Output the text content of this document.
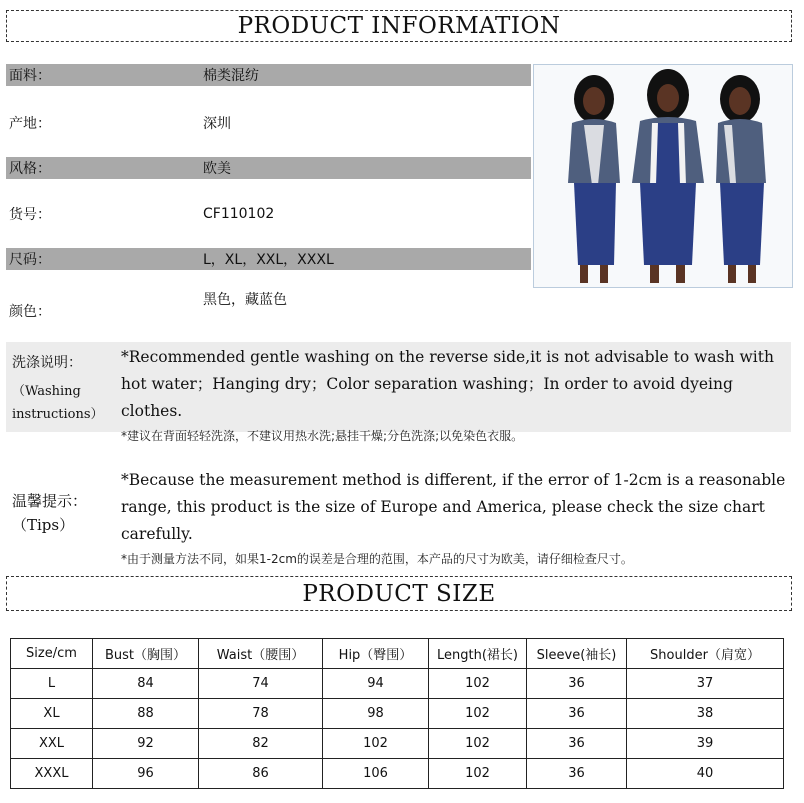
PRODUCT INFORMATION
面料：	棉类混纺
产地：	深圳
风格：	欧美
货号：	CF110102
尺码：	L，XL，XXL，XXXL
颜色：
黑色，藏蓝色
洗涤说明：
（Washing
instructions）
*Recommended gentle washing on the reverse side,it is not advisable to wash with hot water；Hanging dry；Color separation washing；In order to avoid dyeing clothes.
*建议在背面轻轻洗涤，不建议用热水洗;悬挂干燥;分色洗涤;以免染色衣服。
温馨提示：
（Tips）
*Because the measurement method is different, if the error of 1-2cm is a reasonable range, this product is the size of Europe and America, please check the size chart carefully.
*由于测量方法不同，如果1-2cm的误差是合理的范围，本产品的尺寸为欧美，请仔细检查尺寸。
PRODUCT SIZE
Size/cm	Bust（胸围）	Waist（腰围）	Hip（臀围）	Length(裙长)	Sleeve(袖长)	Shoulder（肩宽）
L	84	74	94	102	36	37
XL	88	78	98	102	36	38
XXL	92	82	102	102	36	39
XXXL	96	86	106	102	36	40
